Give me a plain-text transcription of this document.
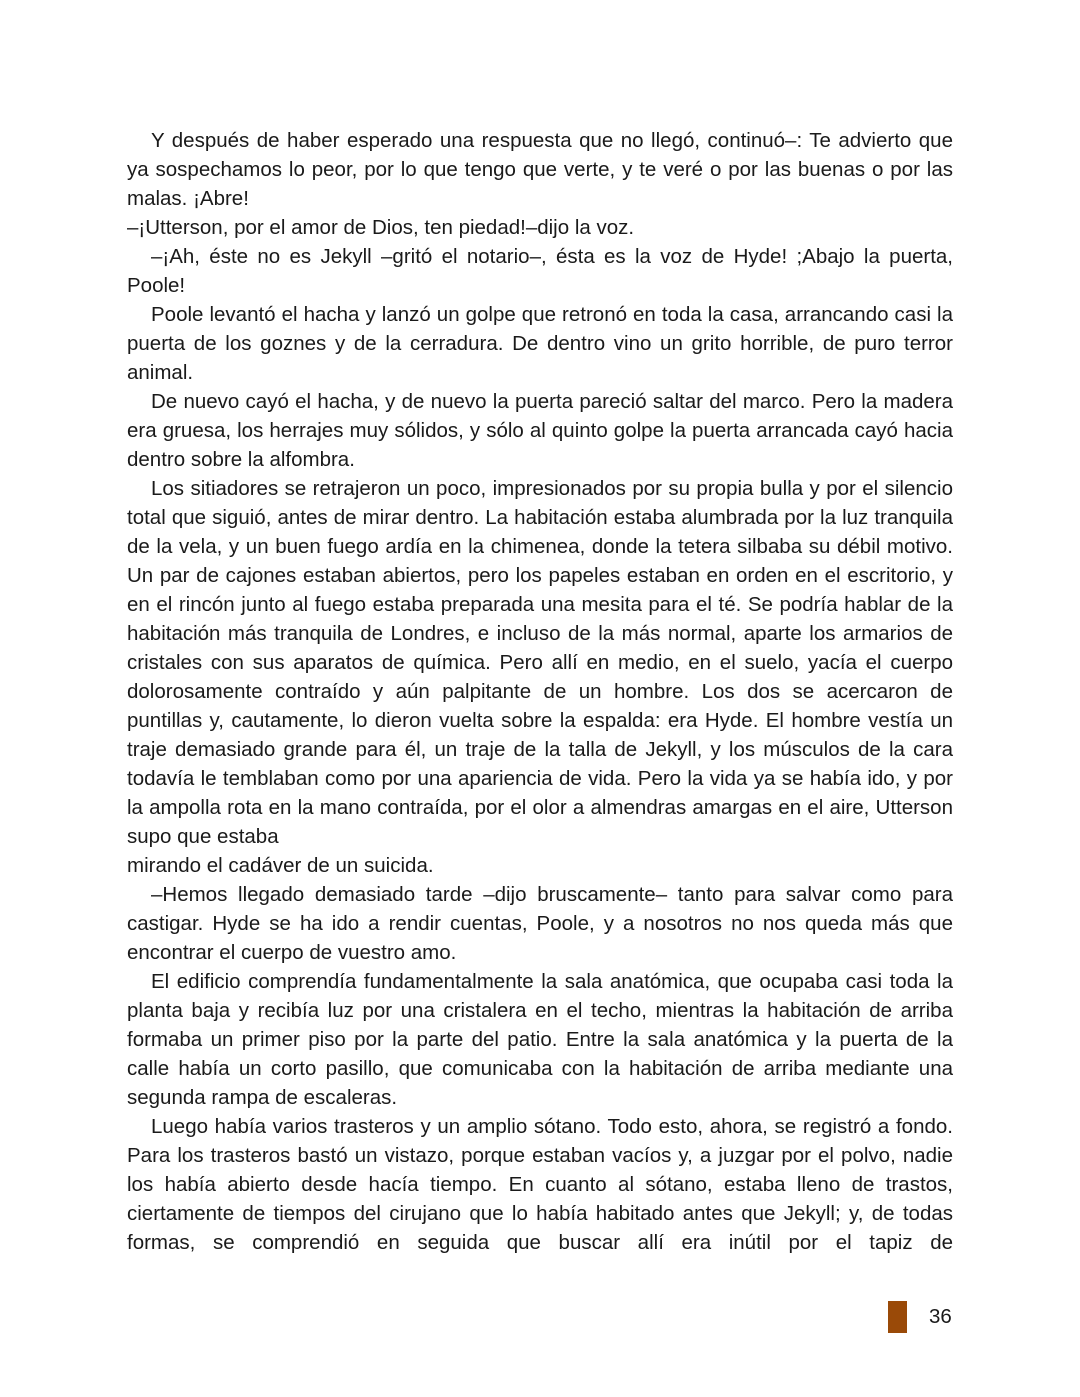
Y después de haber esperado una respuesta que no llegó, continuó–: Te advierto que ya sospechamos lo peor, por lo que tengo que verte, y te veré o por las buenas o por las malas. ¡Abre!

–¡Utterson, por el amor de Dios, ten piedad!–dijo la voz.

–¡Ah, éste no es Jekyll –gritó el notario–, ésta es la voz de Hyde! ;Abajo la puerta, Poole!

Poole levantó el hacha y lanzó un golpe que retronó en toda la casa, arrancando casi la puerta de los goznes y de la cerradura. De dentro vino un grito horrible, de puro terror animal.

De nuevo cayó el hacha, y de nuevo la puerta pareció saltar del marco. Pero la madera era gruesa, los herrajes muy sólidos, y sólo al quinto golpe la puerta arrancada cayó hacia dentro sobre la alfombra.

Los sitiadores se retrajeron un poco, impresionados por su propia bulla y por el silencio total que siguió, antes de mirar dentro. La habitación estaba alumbrada por la luz tranquila de la vela, y un buen fuego ardía en la chimenea, donde la tetera silbaba su débil motivo. Un par de cajones estaban abiertos, pero los papeles estaban en orden en el escritorio, y en el rincón junto al fuego estaba preparada una mesita para el té. Se podría hablar de la habitación más tranquila de Londres, e incluso de la más normal, aparte los armarios de cristales con sus aparatos de química. Pero allí en medio, en el suelo, yacía el cuerpo dolorosamente contraído y aún palpitante de un hombre. Los dos se acercaron de puntillas y, cautamente, lo dieron vuelta sobre la espalda: era Hyde. El hombre vestía un traje demasiado grande para él, un traje de la talla de Jekyll, y los músculos de la cara todavía le temblaban como por una apariencia de vida. Pero la vida ya se había ido, y por la ampolla rota en la mano contraída, por el olor a almendras amargas en el aire, Utterson supo que estaba

mirando el cadáver de un suicida.

–Hemos llegado demasiado tarde –dijo bruscamente– tanto para salvar como para castigar. Hyde se ha ido a rendir cuentas, Poole, y a nosotros no nos queda más que encontrar el cuerpo de vuestro amo.

El edificio comprendía fundamentalmente la sala anatómica, que ocupaba casi toda la planta baja y recibía luz por una cristalera en el techo, mientras la habitación de arriba formaba un primer piso por la parte del patio. Entre la sala anatómica y la puerta de la calle había un corto pasillo, que comunicaba con la habitación de arriba mediante una segunda rampa de escaleras.

Luego había varios trasteros y un amplio sótano. Todo esto, ahora, se registró a fondo. Para los trasteros bastó un vistazo, porque estaban vacíos y, a juzgar por el polvo, nadie los había abierto desde hacía tiempo. En cuanto al sótano, estaba lleno de trastos, ciertamente de tiempos del cirujano que lo había habitado antes que Jekyll; y, de todas formas, se comprendió en seguida que buscar allí era inútil por el tapiz de

36
